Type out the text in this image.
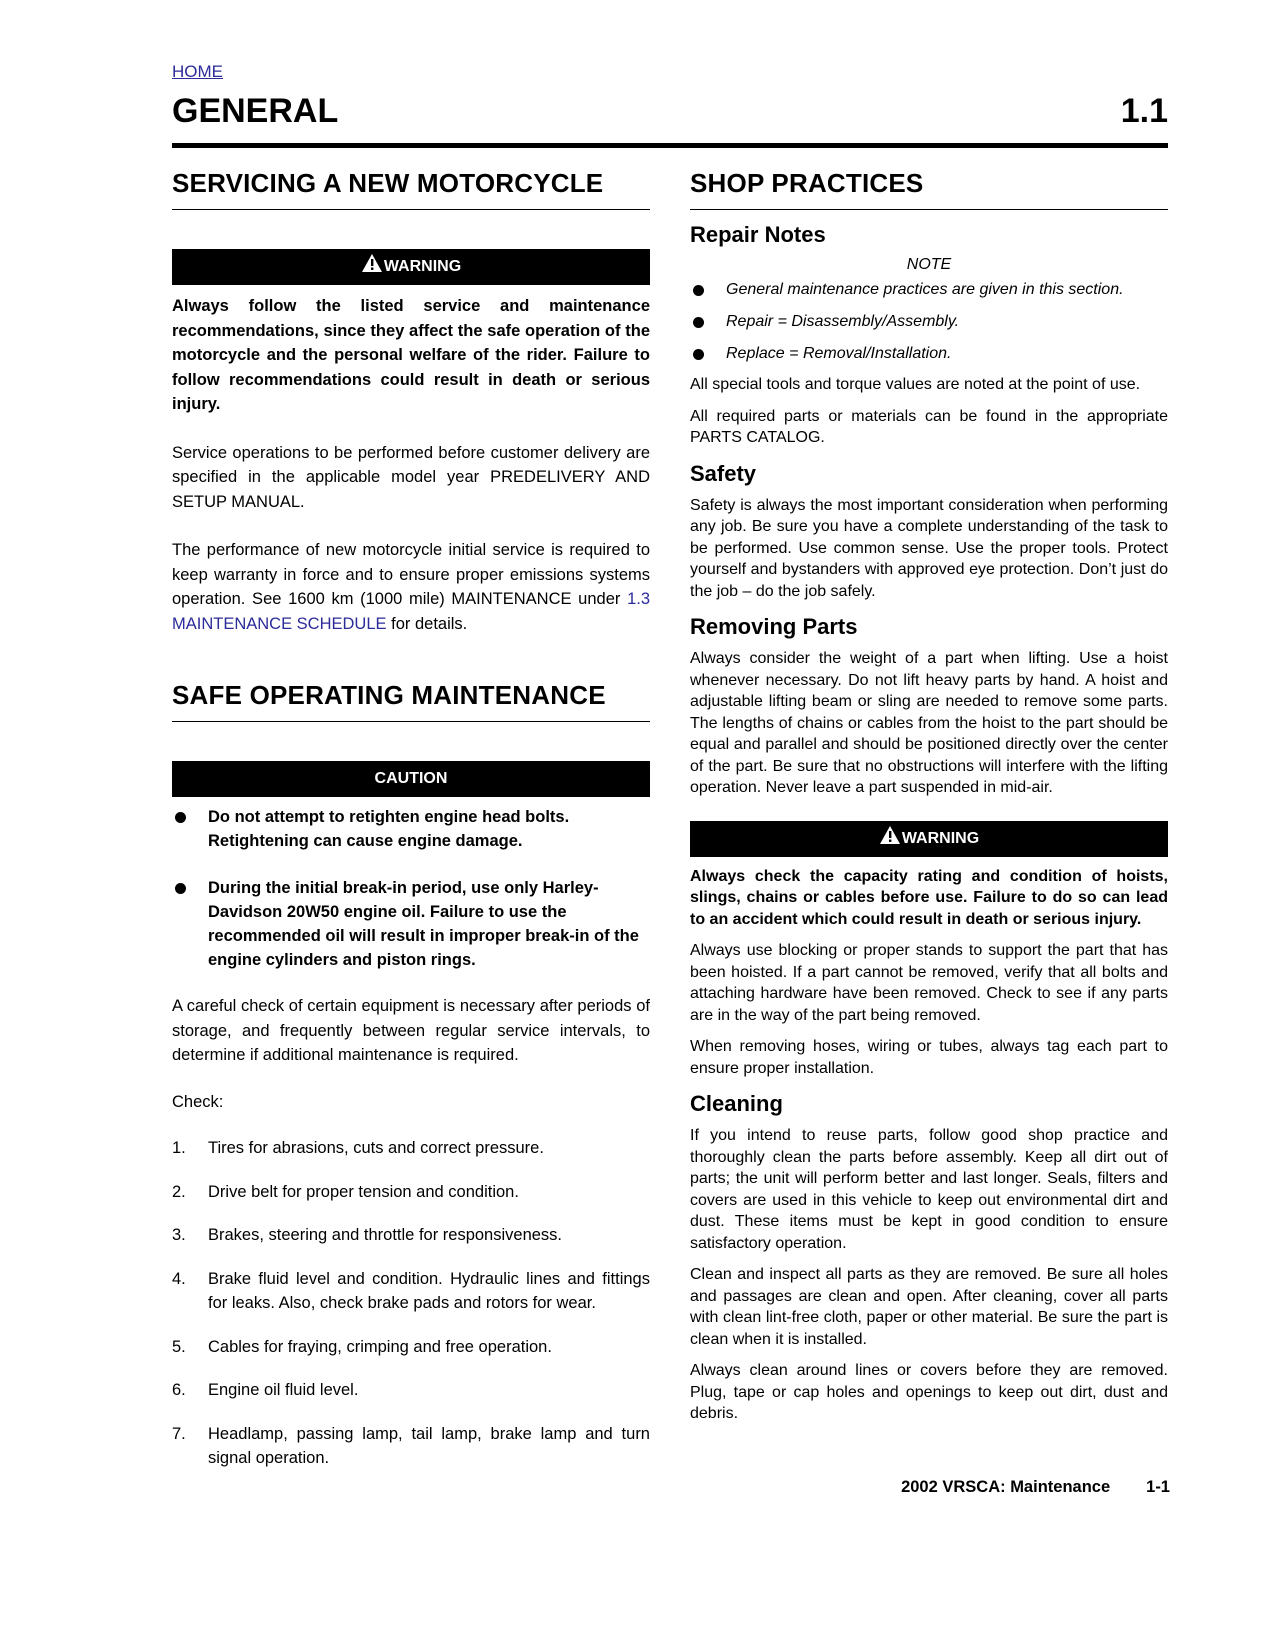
HOME
GENERAL	1.1
SERVICING A NEW MOTORCYCLE
WARNING

Always follow the listed service and maintenance recommendations, since they affect the safe operation of the motorcycle and the personal welfare of the rider. Failure to follow recommendations could result in death or serious injury.

Service operations to be performed before customer delivery are specified in the applicable model year PREDELIVERY AND SETUP MANUAL.

The performance of new motorcycle initial service is required to keep warranty in force and to ensure proper emissions systems operation. See 1600 km (1000 mile) MAINTENANCE under 1.3 MAINTENANCE SCHEDULE for details.

SAFE OPERATING MAINTENANCE
CAUTION
Do not attempt to retighten engine head bolts. Retightening can cause engine damage.
During the initial break-in period, use only Harley-Davidson 20W50 engine oil. Failure to use the recommended oil will result in improper break-in of the engine cylinders and piston rings.

A careful check of certain equipment is necessary after periods of storage, and frequently between regular service intervals, to determine if additional maintenance is required.

Check:

1. Tires for abrasions, cuts and correct pressure.
2. Drive belt for proper tension and condition.
3. Brakes, steering and throttle for responsiveness.
4. Brake fluid level and condition. Hydraulic lines and fittings for leaks. Also, check brake pads and rotors for wear.
5. Cables for fraying, crimping and free operation.
6. Engine oil fluid level.
7. Headlamp, passing lamp, tail lamp, brake lamp and turn signal operation.
SHOP PRACTICES
Repair Notes
NOTE
General maintenance practices are given in this section.
Repair = Disassembly/Assembly.
Replace = Removal/Installation.

All special tools and torque values are noted at the point of use.

All required parts or materials can be found in the appropriate PARTS CATALOG.

Safety

Safety is always the most important consideration when performing any job. Be sure you have a complete understanding of the task to be performed. Use common sense. Use the proper tools. Protect yourself and bystanders with approved eye protection. Don’t just do the job – do the job safely.

Removing Parts

Always consider the weight of a part when lifting. Use a hoist whenever necessary. Do not lift heavy parts by hand. A hoist and adjustable lifting beam or sling are needed to remove some parts. The lengths of chains or cables from the hoist to the part should be equal and parallel and should be positioned directly over the center of the part. Be sure that no obstructions will interfere with the lifting operation. Never leave a part suspended in mid-air.

WARNING

Always check the capacity rating and condition of hoists, slings, chains or cables before use. Failure to do so can lead to an accident which could result in death or serious injury.

Always use blocking or proper stands to support the part that has been hoisted. If a part cannot be removed, verify that all bolts and attaching hardware have been removed. Check to see if any parts are in the way of the part being removed.

When removing hoses, wiring or tubes, always tag each part to ensure proper installation.

Cleaning

If you intend to reuse parts, follow good shop practice and thoroughly clean the parts before assembly. Keep all dirt out of parts; the unit will perform better and last longer. Seals, filters and covers are used in this vehicle to keep out environmental dirt and dust. These items must be kept in good condition to ensure satisfactory operation.

Clean and inspect all parts as they are removed. Be sure all holes and passages are clean and open. After cleaning, cover all parts with clean lint-free cloth, paper or other material. Be sure the part is clean when it is installed.

Always clean around lines or covers before they are removed. Plug, tape or cap holes and openings to keep out dirt, dust and debris.

2002 VRSCA: Maintenance 1-1
